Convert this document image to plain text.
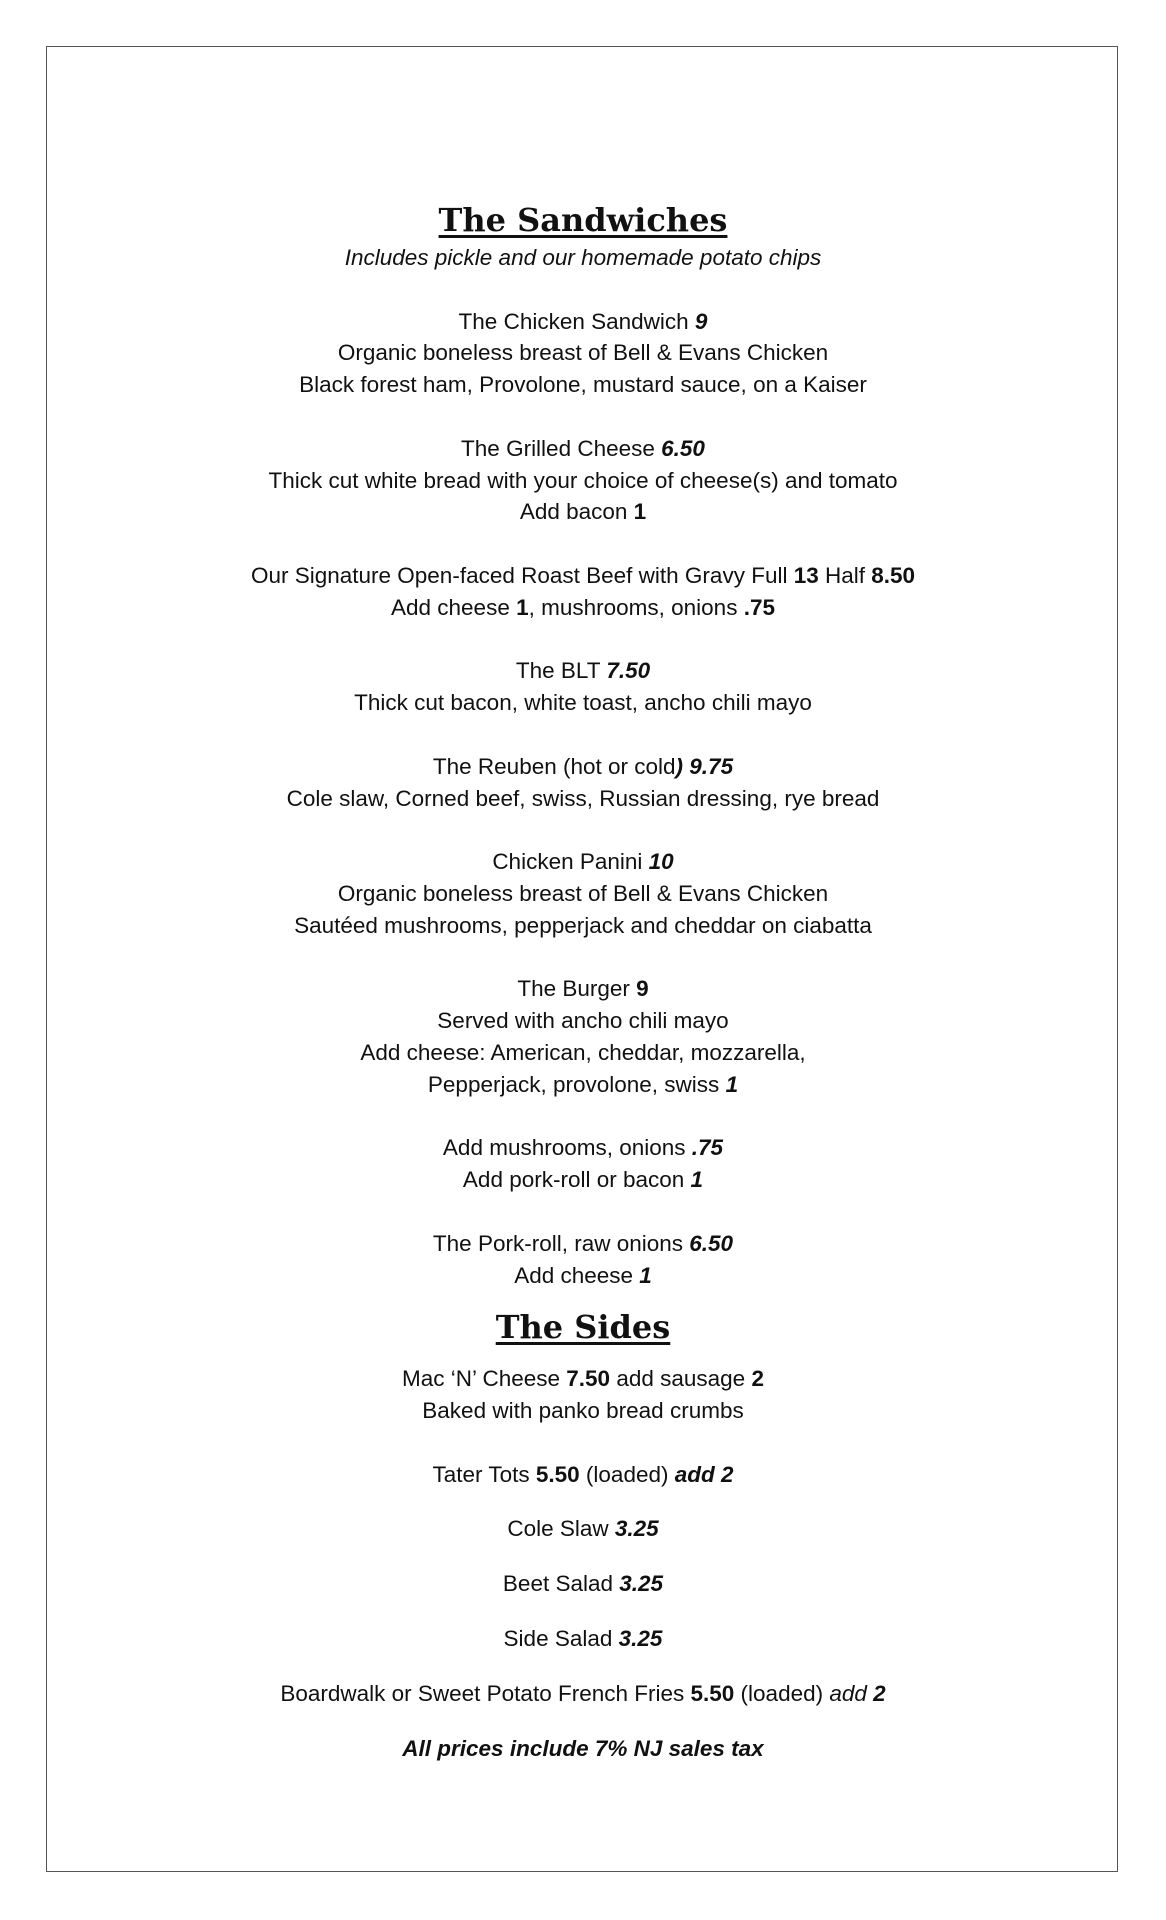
The Sandwiches
Includes pickle and our homemade potato chips
The Chicken Sandwich 9
Organic boneless breast of Bell & Evans Chicken
Black forest ham, Provolone, mustard sauce, on a Kaiser
The Grilled Cheese 6.50
Thick cut white bread with your choice of cheese(s) and tomato
Add bacon 1
Our Signature Open-faced Roast Beef with Gravy Full 13 Half 8.50
Add cheese 1, mushrooms, onions .75
The BLT 7.50
Thick cut bacon, white toast, ancho chili mayo
The Reuben (hot or cold) 9.75
Cole slaw, Corned beef, swiss, Russian dressing, rye bread
Chicken Panini 10
Organic boneless breast of Bell & Evans Chicken
Sautéed mushrooms, pepperjack and cheddar on ciabatta
The Burger 9
Served with ancho chili mayo
Add cheese: American, cheddar, mozzarella,
Pepperjack, provolone, swiss 1
Add mushrooms, onions .75
Add pork-roll or bacon 1
The Pork-roll, raw onions 6.50
Add cheese 1
The Sides
Mac ‘N’ Cheese 7.50 add sausage 2
Baked with panko bread crumbs
Tater Tots 5.50 (loaded) add 2
Cole Slaw 3.25
Beet Salad 3.25
Side Salad 3.25
Boardwalk or Sweet Potato French Fries 5.50 (loaded) add 2
All prices include 7% NJ sales tax
